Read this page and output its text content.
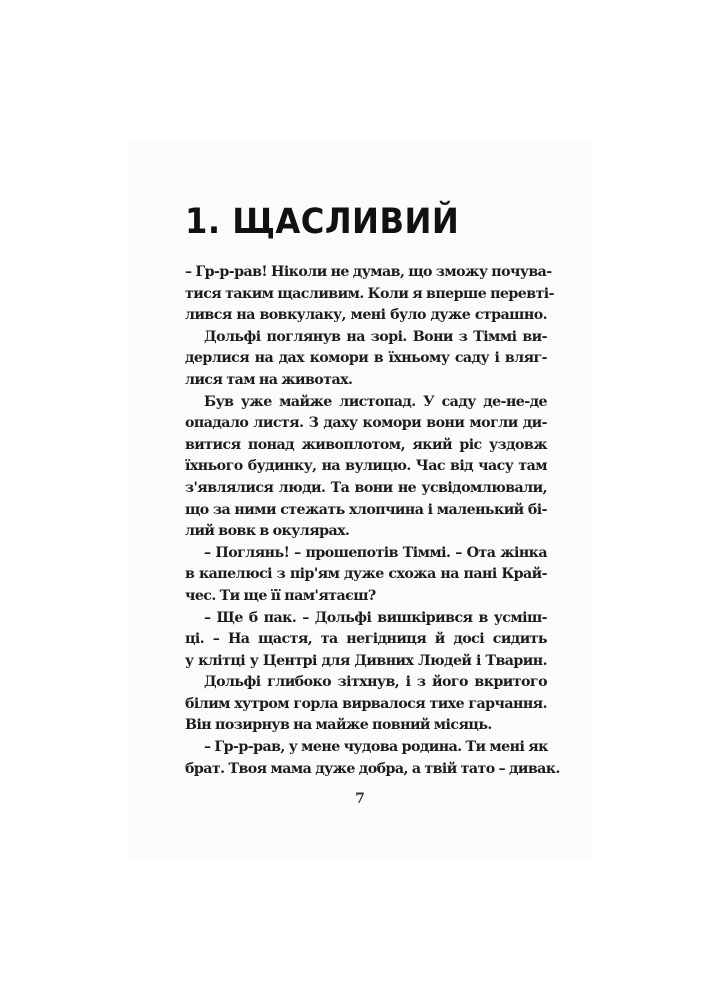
1. ЩАСЛИВИЙ
– Гр-р-рав! Ніколи не думав, що зможу почува-
тися таким щасливим. Коли я вперше перевті-
лився на вовкулаку, мені було дуже страшно.
Дольфі поглянув на зорі. Вони з Тіммі ви-
дерлися на дах комори в їхньому саду і вляг-
лися там на животах.
Був уже майже листопад. У саду де-не-де
опадало листя. З даху комори вони могли ди-
витися понад живоплотом, який ріс уздовж
їхнього будинку, на вулицю. Час від часу там
з'являлися люди. Та вони не усвідомлювали,
що за ними стежать хлопчина і маленький бі-
лий вовк в окулярах.
– Поглянь! – прошепотів Тіммі. – Ота жінка
в капелюсі з пір'ям дуже схожа на пані Край-
чес. Ти ще її пам'ятаєш?
– Ще б пак. – Дольфі вишкірився в усміш-
ці. – На щастя, та негідниця й досі сидить
у клітці у Центрі для Дивних Людей і Тварин.
Дольфі глибоко зітхнув, і з його вкритого
білим хутром горла вирвалося тихе гарчання.
Він позирнув на майже повний місяць.
– Гр-р-рав, у мене чудова родина. Ти мені як
брат. Твоя мама дуже добра, а твій тато – дивак.
7
